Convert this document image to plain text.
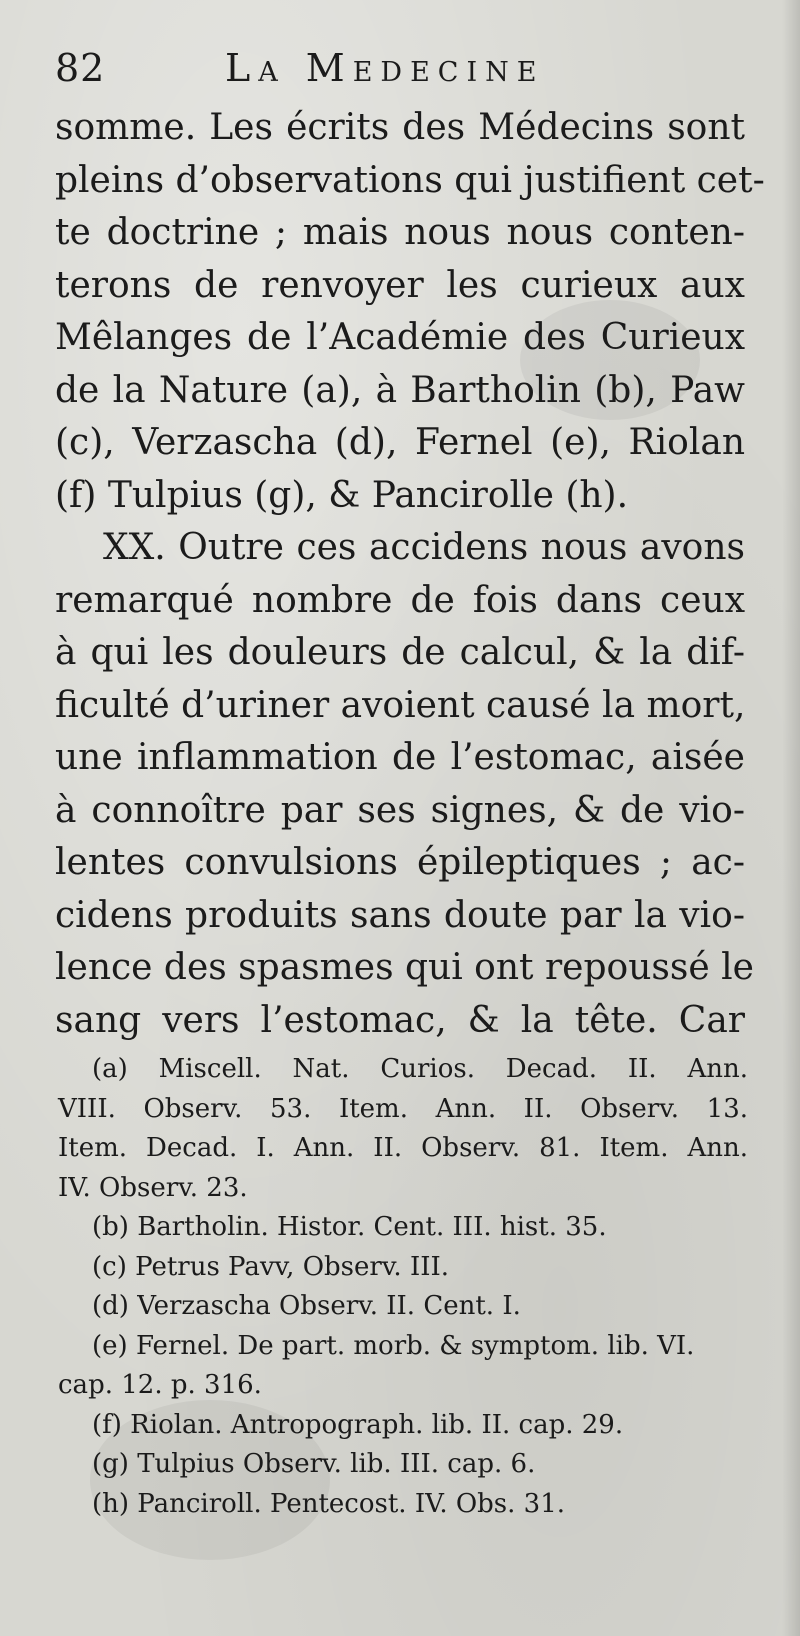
82	La Medecine
somme. Les écrits des Médecins sont
pleins d’observations qui justifient cet-
te doctrine ; mais nous nous conten-
terons de renvoyer les curieux aux
Mêlanges de l’Académie des Curieux
de la Nature (a), à Bartholin (b), Paw
(c), Verzascha (d), Fernel (e), Riolan
(f) Tulpius (g), & Pancirolle (h).
XX. Outre ces accidens nous avons
remarqué nombre de fois dans ceux
à qui les douleurs de calcul, & la dif-
ficulté d’uriner avoient causé la mort,
une inflammation de l’estomac, aisée
à connoître par ses signes, & de vio-
lentes convulsions épileptiques ; ac-
cidens produits sans doute par la vio-
lence des spasmes qui ont repoussé le
sang vers l’estomac, & la tête. Car
(a) Miscell. Nat. Curios. Decad. II. Ann.
VIII. Observ. 53. Item. Ann. II. Observ. 13.
Item. Decad. I. Ann. II. Observ. 81. Item. Ann.
IV. Observ. 23.
(b) Bartholin. Histor. Cent. III. hist. 35.
(c) Petrus Pavv, Observ. III.
(d) Verzascha Observ. II. Cent. I.
(e) Fernel. De part. morb. & symptom. lib. VI.
cap. 12. p. 316.
(f) Riolan. Antropograph. lib. II. cap. 29.
(g) Tulpius Observ. lib. III. cap. 6.
(h) Panciroll. Pentecost. IV. Obs. 31.
